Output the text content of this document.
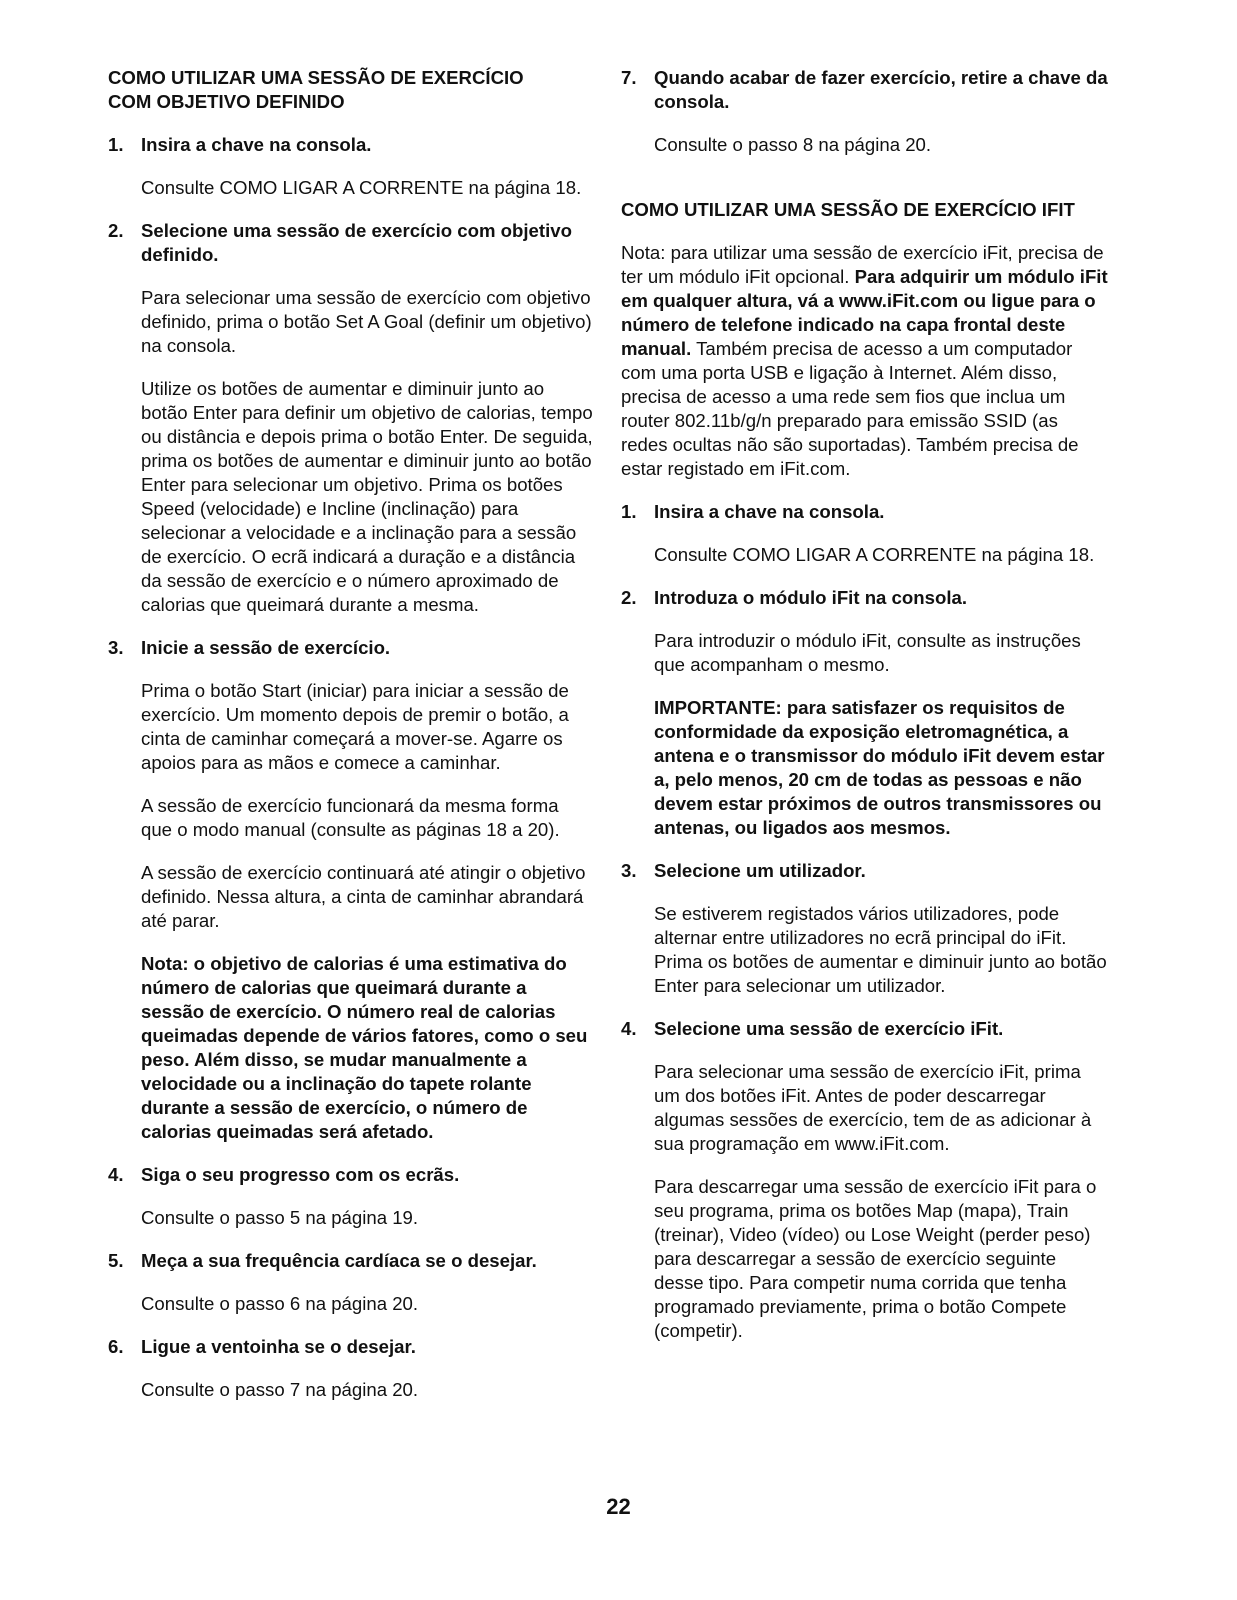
COMO UTILIZAR UMA SESSÃO DE EXERCÍCIO
COM OBJETIVO DEFINIDO
1. Insira a chave na consola.

Consulte COMO LIGAR A CORRENTE na página 18.

2. Selecione uma sessão de exercício com objetivo definido.

Para selecionar uma sessão de exercício com objetivo definido, prima o botão Set A Goal (definir um objetivo) na consola.

Utilize os botões de aumentar e diminuir junto ao botão Enter para definir um objetivo de calorias, tempo ou distância e depois prima o botão Enter. De seguida, prima os botões de aumentar e diminuir junto ao botão Enter para selecionar um objetivo. Prima os botões Speed (velocidade) e Incline (inclinação) para selecionar a velocidade e a inclinação para a sessão de exercício. O ecrã indicará a duração e a distância da sessão de exercício e o número aproximado de calorias que queimará durante a mesma.

3. Inicie a sessão de exercício.

Prima o botão Start (iniciar) para iniciar a sessão de exercício. Um momento depois de premir o botão, a cinta de caminhar começará a mover-se. Agarre os apoios para as mãos e comece a caminhar.

A sessão de exercício funcionará da mesma forma que o modo manual (consulte as páginas 18 a 20).

A sessão de exercício continuará até atingir o objetivo definido. Nessa altura, a cinta de caminhar abrandará até parar.

Nota: o objetivo de calorias é uma estimativa do número de calorias que queimará durante a sessão de exercício. O número real de calorias queimadas depende de vários fatores, como o seu peso. Além disso, se mudar manualmente a velocidade ou a inclinação do tapete rolante durante a sessão de exercício, o número de calorias queimadas será afetado.

4. Siga o seu progresso com os ecrãs.

Consulte o passo 5 na página 19.

5. Meça a sua frequência cardíaca se o desejar.

Consulte o passo 6 na página 20.

6. Ligue a ventoinha se o desejar.

Consulte o passo 7 na página 20.

7. Quando acabar de fazer exercício, retire a chave da consola.

Consulte o passo 8 na página 20.

COMO UTILIZAR UMA SESSÃO DE EXERCÍCIO IFIT

Nota: para utilizar uma sessão de exercício iFit, precisa de ter um módulo iFit opcional. Para adquirir um módulo iFit em qualquer altura, vá a www.iFit.com ou ligue para o número de telefone indicado na capa frontal deste manual. Também precisa de acesso a um computador com uma porta USB e ligação à Internet. Além disso, precisa de acesso a uma rede sem fios que inclua um router 802.11b/g/n preparado para emissão SSID (as redes ocultas não são suportadas). Também precisa de estar registado em iFit.com.

1. Insira a chave na consola.

Consulte COMO LIGAR A CORRENTE na página 18.

2. Introduza o módulo iFit na consola.

Para introduzir o módulo iFit, consulte as instruções que acompanham o mesmo.

IMPORTANTE: para satisfazer os requisitos de conformidade da exposição eletromagnética, a antena e o transmissor do módulo iFit devem estar a, pelo menos, 20 cm de todas as pessoas e não devem estar próximos de outros transmissores ou antenas, ou ligados aos mesmos.

3. Selecione um utilizador.

Se estiverem registados vários utilizadores, pode alternar entre utilizadores no ecrã principal do iFit. Prima os botões de aumentar e diminuir junto ao botão Enter para selecionar um utilizador.

4. Selecione uma sessão de exercício iFit.

Para selecionar uma sessão de exercício iFit, prima um dos botões iFit. Antes de poder descarregar algumas sessões de exercício, tem de as adicionar à sua programação em www.iFit.com.

Para descarregar uma sessão de exercício iFit para o seu programa, prima os botões Map (mapa), Train (treinar), Video (vídeo) ou Lose Weight (perder peso) para descarregar a sessão de exercício seguinte desse tipo. Para competir numa corrida que tenha programado previamente, prima o botão Compete (competir).

22
